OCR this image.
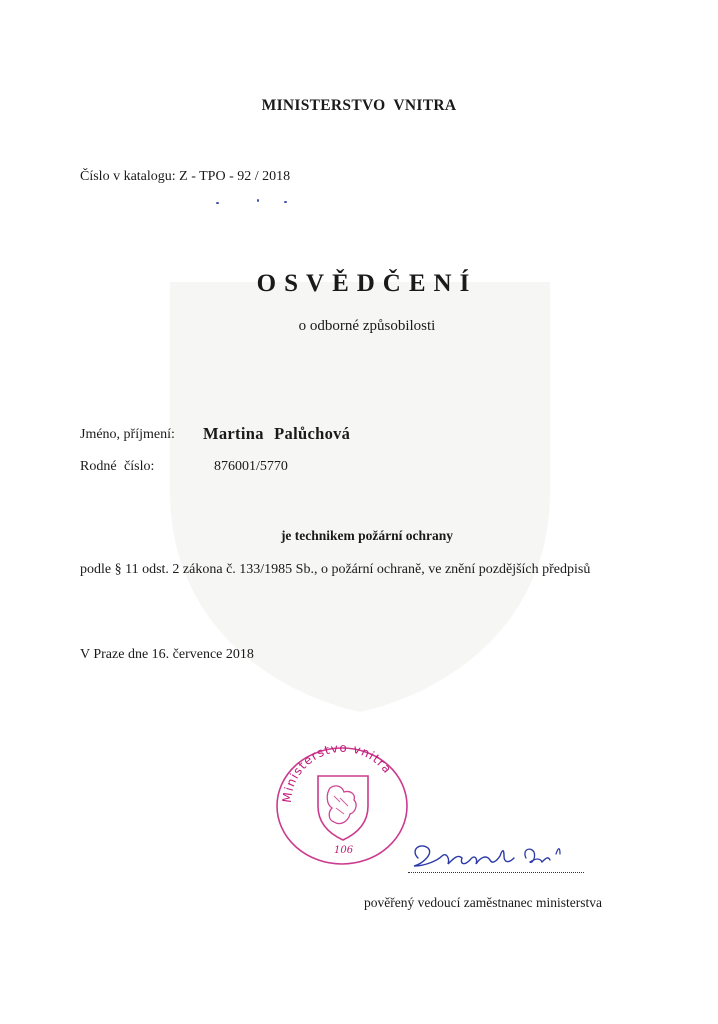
MINISTERSTVO VNITRA
Číslo v katalogu: Z - TPO - 92 / 2018
OSVĚDČENÍ
o odborné způsobilosti
Jméno, příjmení: Martina Palůchová
Rodné číslo:	876001/5770
je technikem požární ochrany
podle § 11 odst. 2 zákona č. 133/1985 Sb., o požární ochraně, ve znění pozdějších předpisů
V Praze dne 16. července 2018
Ministerstvo vnitra
106
pověřený vedoucí zaměstnanec ministerstva
